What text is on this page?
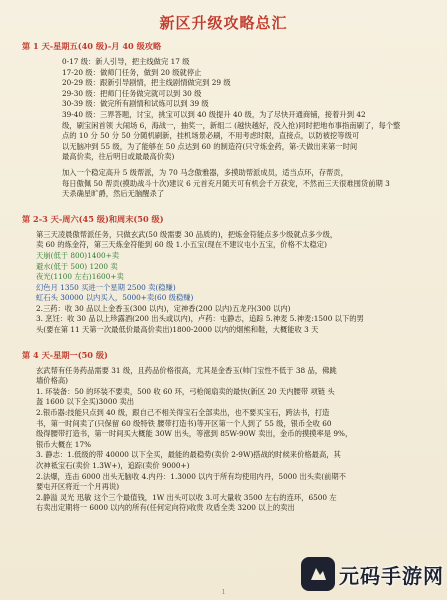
新区升级攻略总汇
第 1 天-星期五(40 级)-月 40 级攻略
0-17 级：新人引导，把主线做完 17 级
17-20 级：做师门任务，做到 20 级就停止
20-29 级：跟新引导剧情，把主线剧情做完到 29 级
29-30 级：把师门任务做完就可以到 30 级
30-39 级：做完所有剧情和试炼可以到 39 级
39-40 级：三界答题，讨宝，挑宝可以到 40 级提升 40 级，为了尽快开通商铺，接着升到 42
级，刷宝闲首领 大闹场 6，海战一，抽奖一，新组二 (越快越好，没入抢)同时把地布事指南刷了，每个整
点的 10 分 50 分 50 分随机刷新，挂机场景必刷，不用考虑时限，直接点，以防被挖等级可
以无脑冲到 55 级，为了能够在 50 点达到 60 的制造符(只守炼金药，第-天做出来第一时间
最高价卖，往后明日或最最高价卖)
加入一个稳定高升 5 级帮派，为 70 马念傲雅器，多摸助帮派成员，适当点环，存帮贡，
每日傲佩 50 帮贡(摸助战斗十次)建议 6 元首充月随天可有机会千万获宠，不然而三天很难囤货前期 3
天杀确星旷爵，然后无脑醒杀了
第 2-3 天-周六(45 级)和周末(50 级)
第三天凌晨傲帮派任务，只做玄武(50 级需要 30 品质的)，把炼金符能点多少级就点多少级，
卖 60 的炼金符，第三天炼金符能到 60 级 1.小五宝(现在不建议屯小五宝，价格不太稳定)
天崩(低于 800)1400+卖
避水(低于 500) 1200 卖
夜光(1100 左右)1600+卖
幻色月 1350 买进一个星期 2500 卖(稳赚)
虹石头 30000 以内买入，5000+卖(60 级稳赚)
2.三药：收 30 品以上金香玉(300 以内)，定神香(200 以内)五龙丹(300 以内)
3. 烹饪：收 30 品以上珍露酒(200 出头或以内)，卢药：屯静志，追踪 5.神麦 5.神麦:1500 以下的男
头(要在第 11 天第一次最低价最高价卖出)1800-2000 以内的烟熊和鞋，大概能收 3 天
第 4 天-星期一(50 级)
玄武帮有任务药品需要 31 级，且药品价格很高，尤其是金香玉(帅门宝性不低于 38 品，佛跳
墙价格高)
1. 环装备：50 的环装不要卖，500 收 60 环，弓枪阁扇卖的最快(新区 20 天内腰带 项链 头
盔 1600 以下全买)3000 卖出
2.银币器:技能只点到 40 级，跟自己不相关得宝石全部卖出，也不要买宝石，跨法书，打造
书，第一时间卖了(只保留 60 级特铁 腰带打造书)等开区第一个人到了 55 级，银币全收 60
级得腰带打造书，第一时间买大概能 30W 出头，等涨到 85W-90W 卖出，金币的摸摸率是 9%，
银币大概在 17%
3. 静志：1.低级的带 40000 以下全买，最能的最稳势(卖价 2-9W)搭战的时候来价格最高，其
次神祗宝石(卖价 1.3W+)，追踪(卖价 9000+)
2.法爆，连击 6000 出头无脑收 4.内丹：1.3000 以内于所有均使用内丹，5000 出头卖(前期不
要屯开区将近一个月再说)
2.静溢 灵光 迅敏 这个三个最值钱，1W 出头可以收 3.可大量收 3500 左右的连环，6500 左
右卖出定期将一 6000 以内的所有(任何定向符)收贵 攻盾全类 3200 以上的卖出
1
元码手游网
